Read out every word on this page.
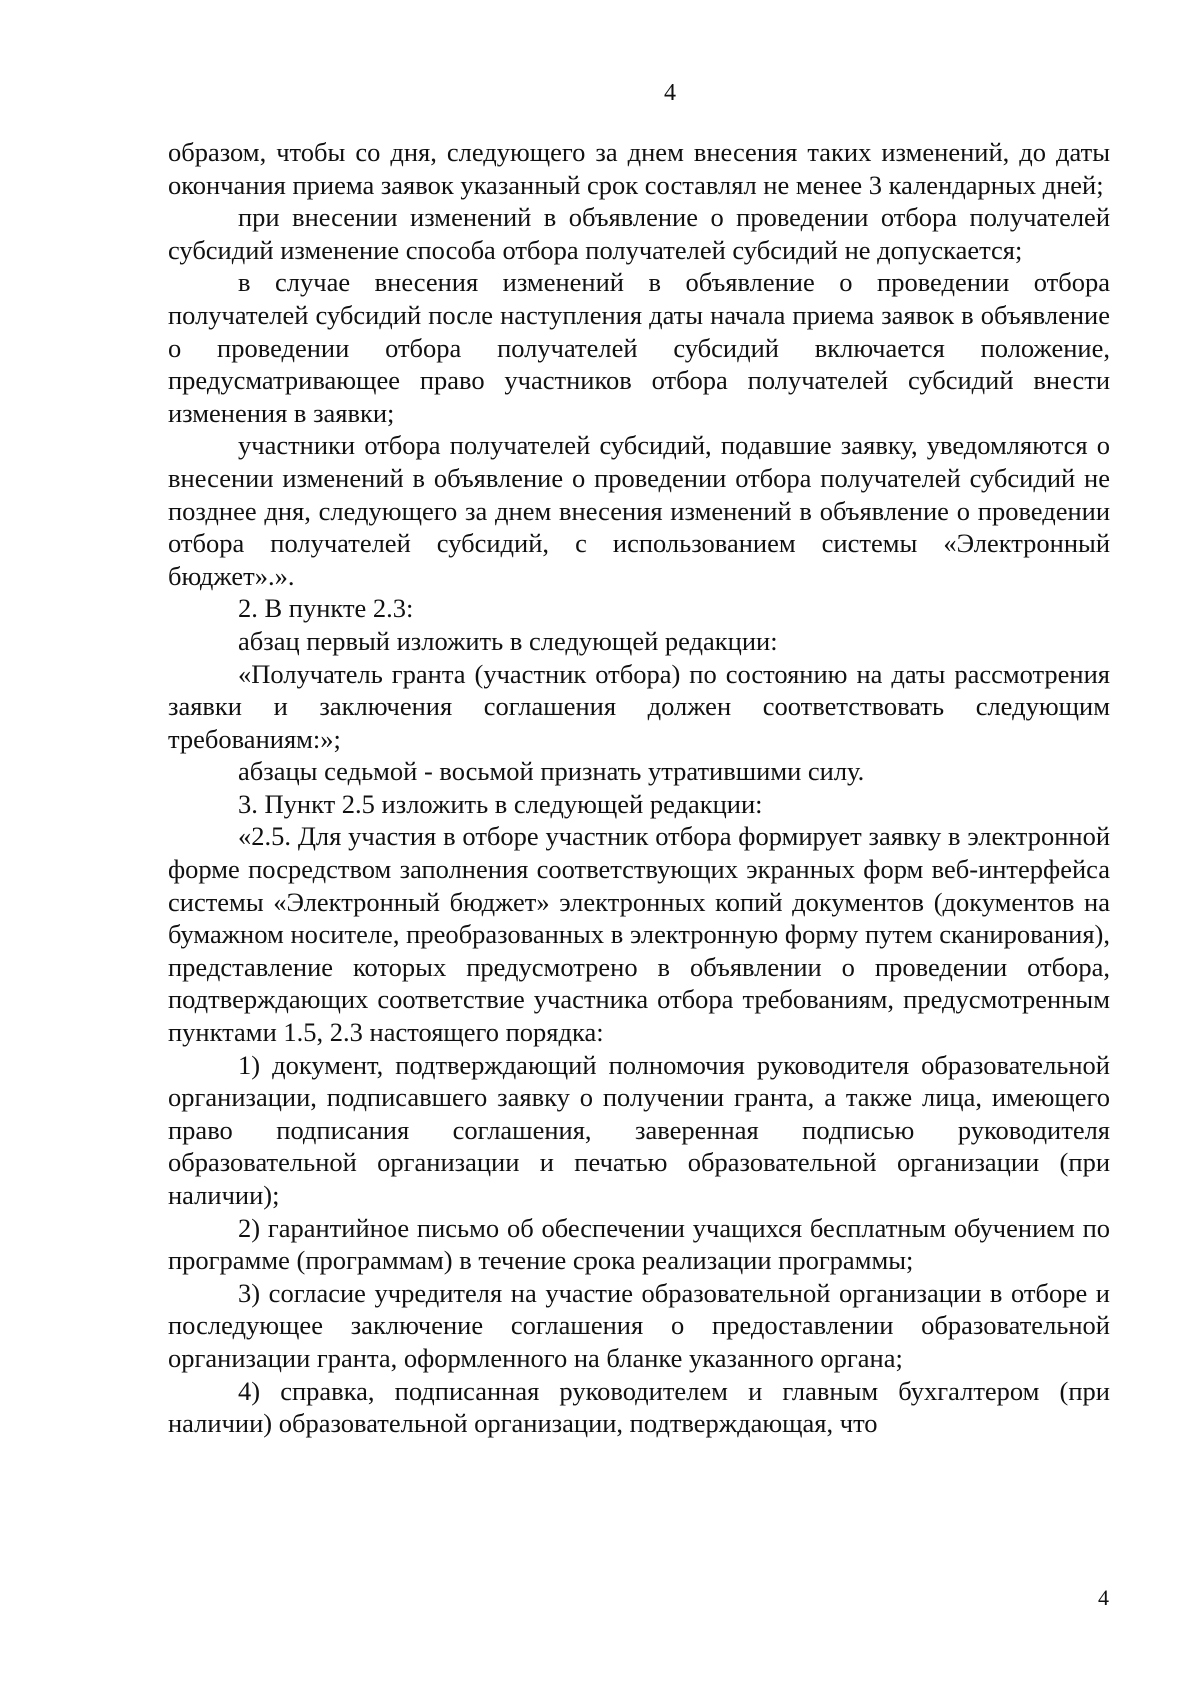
4

образом, чтобы со дня, следующего за днем внесения таких изменений, до даты окончания приема заявок указанный срок составлял не менее 3 календарных дней;

при внесении изменений в объявление о проведении отбора получателей субсидий изменение способа отбора получателей субсидий не допускается;

в случае внесения изменений в объявление о проведении отбора получателей субсидий после наступления даты начала приема заявок в объявление о проведении отбора получателей субсидий включается положение, предусматривающее право участников отбора получателей субсидий внести изменения в заявки;

участники отбора получателей субсидий, подавшие заявку, уведомляются о внесении изменений в объявление о проведении отбора получателей субсидий не позднее дня, следующего за днем внесения изменений в объявление о проведении отбора получателей субсидий, с использованием системы «Электронный бюджет».».

2. В пункте 2.3:

абзац первый изложить в следующей редакции:

«Получатель гранта (участник отбора) по состоянию на даты рассмотрения заявки и заключения соглашения должен соответствовать следующим требованиям:»;

абзацы седьмой - восьмой признать утратившими силу.

3. Пункт 2.5 изложить в следующей редакции:

«2.5. Для участия в отборе участник отбора формирует заявку в электронной форме посредством заполнения соответствующих экранных форм веб-интерфейса системы «Электронный бюджет» электронных копий документов (документов на бумажном носителе, преобразованных в электронную форму путем сканирования), представление которых предусмотрено в объявлении о проведении отбора, подтверждающих соответствие участника отбора требованиям, предусмотренным пунктами 1.5, 2.3 настоящего порядка:

1) документ, подтверждающий полномочия руководителя образовательной организации, подписавшего заявку о получении гранта, а также лица, имеющего право подписания соглашения, заверенная подписью руководителя образовательной организации и печатью образовательной организации (при наличии);

2) гарантийное письмо об обеспечении учащихся бесплатным обучением по программе (программам) в течение срока реализации программы;

3) согласие учредителя на участие образовательной организации в отборе и последующее заключение соглашения о предоставлении образовательной организации гранта, оформленного на бланке указанного органа;

4) справка, подписанная руководителем и главным бухгалтером (при наличии) образовательной организации, подтверждающая, что

4
